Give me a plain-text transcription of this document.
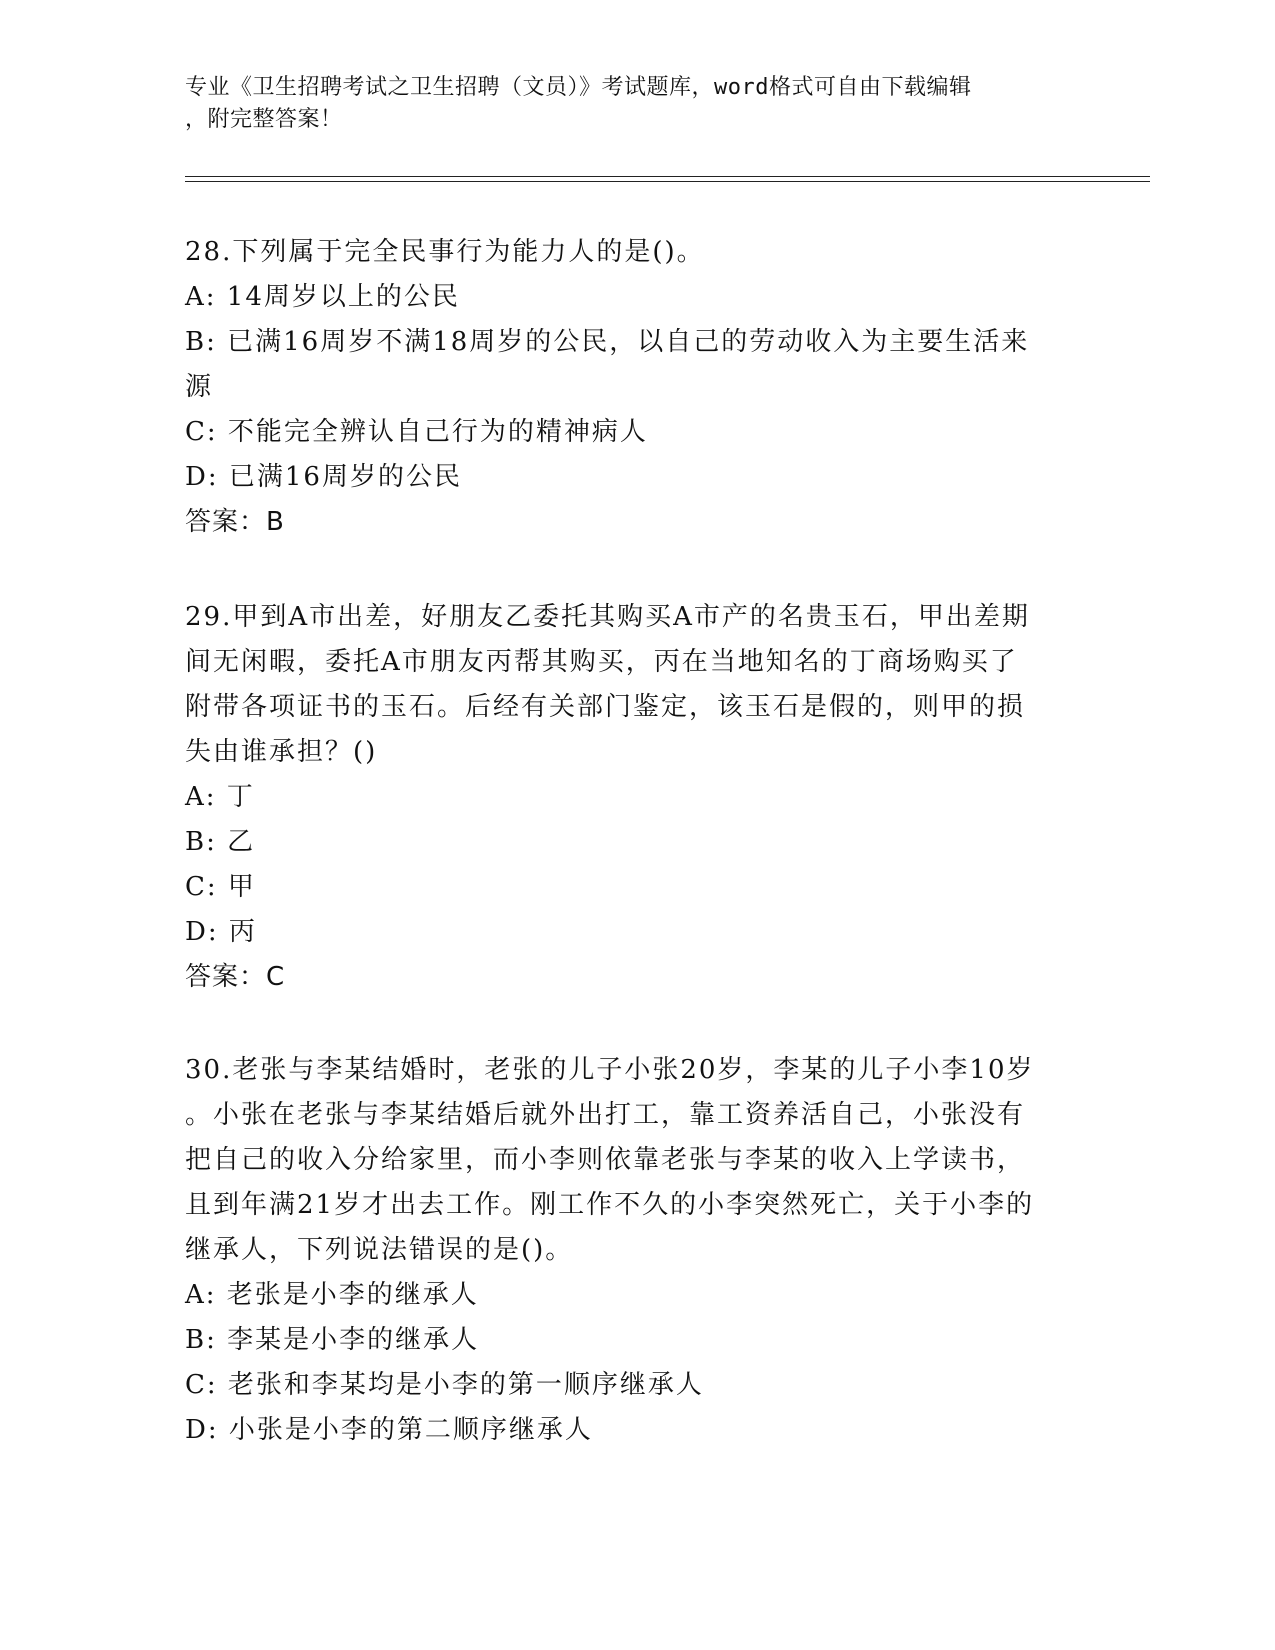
专业《卫生招聘考试之卫生招聘（文员）》考试题库，word格式可自由下载编辑
，附完整答案！

28.下列属于完全民事行为能力人的是()。

A: 14周岁以上的公民

B: 已满16周岁不满18周岁的公民，以自己的劳动收入为主要生活来

源

C: 不能完全辨认自己行为的精神病人

D: 已满16周岁的公民

答案：B

29.甲到A市出差，好朋友乙委托其购买A市产的名贵玉石，甲出差期

间无闲暇，委托A市朋友丙帮其购买，丙在当地知名的丁商场购买了

附带各项证书的玉石。后经有关部门鉴定，该玉石是假的，则甲的损

失由谁承担？()

A: 丁

B: 乙

C: 甲

D: 丙

答案：C

30.老张与李某结婚时，老张的儿子小张20岁，李某的儿子小李10岁

。小张在老张与李某结婚后就外出打工，靠工资养活自己，小张没有

把自己的收入分给家里，而小李则依靠老张与李某的收入上学读书，

且到年满21岁才出去工作。刚工作不久的小李突然死亡，关于小李的

继承人，下列说法错误的是()。

A: 老张是小李的继承人

B: 李某是小李的继承人

C: 老张和李某均是小李的第一顺序继承人

D: 小张是小李的第二顺序继承人
